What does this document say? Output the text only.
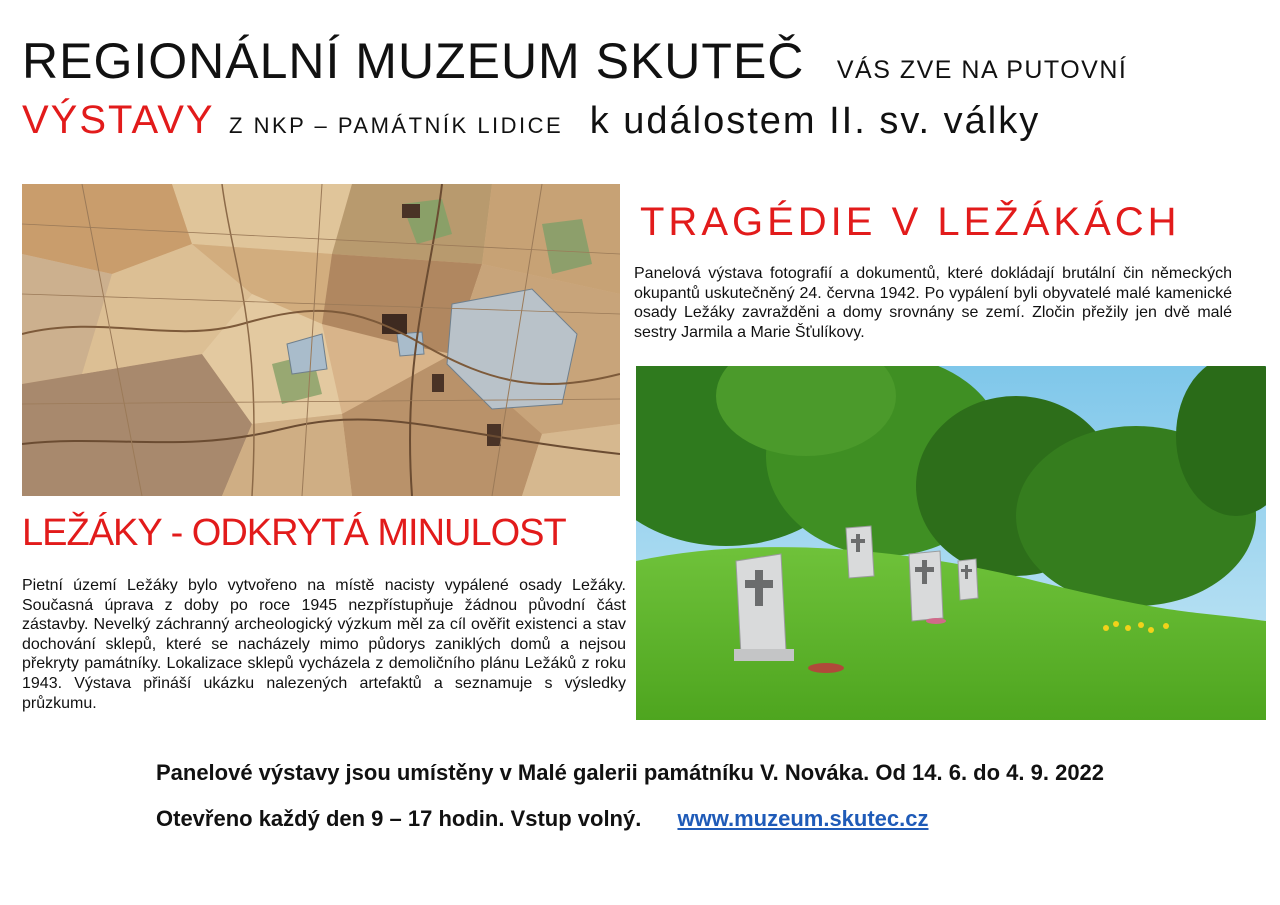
REGIONÁLNÍ MUZEUM SKUTEČ VÁS ZVE NA PUTOVNÍ
VÝSTAVY Z NKP – PAMÁTNÍK LIDICE k událostem II. sv. války
LEŽÁKY - ODKRYTÁ MINULOST
Pietní území Ležáky bylo vytvořeno na místě nacisty vypálené osady Ležáky. Současná úprava z doby po roce 1945 nezpřístupňuje žádnou původní část zástavby. Nevelký záchranný archeologický výzkum měl za cíl ověřit existenci a stav dochování sklepů, které se nacházely mimo půdorys zaniklých domů a nejsou překryty památníky. Lokalizace sklepů vycházela z demoličního plánu Ležáků z roku 1943. Výstava přináší ukázku nalezených artefaktů a seznamuje s výsledky průzkumu.
TRAGÉDIE V LEŽÁKÁCH
Panelová výstava fotografií a dokumentů, které dokládají brutální čin německých okupantů uskutečněný 24. června 1942. Po vypálení byli obyvatelé malé kamenické osady Ležáky zavražděni a domy srovnány se zemí. Zločin přežily jen dvě malé sestry Jarmila a Marie Šťulíkovy.
Panelové výstavy jsou umístěny v Malé galerii památníku V. Nováka. Od 14. 6. do 4. 9. 2022
Otevřeno každý den 9 – 17 hodin. Vstup volný. www.muzeum.skutec.cz
